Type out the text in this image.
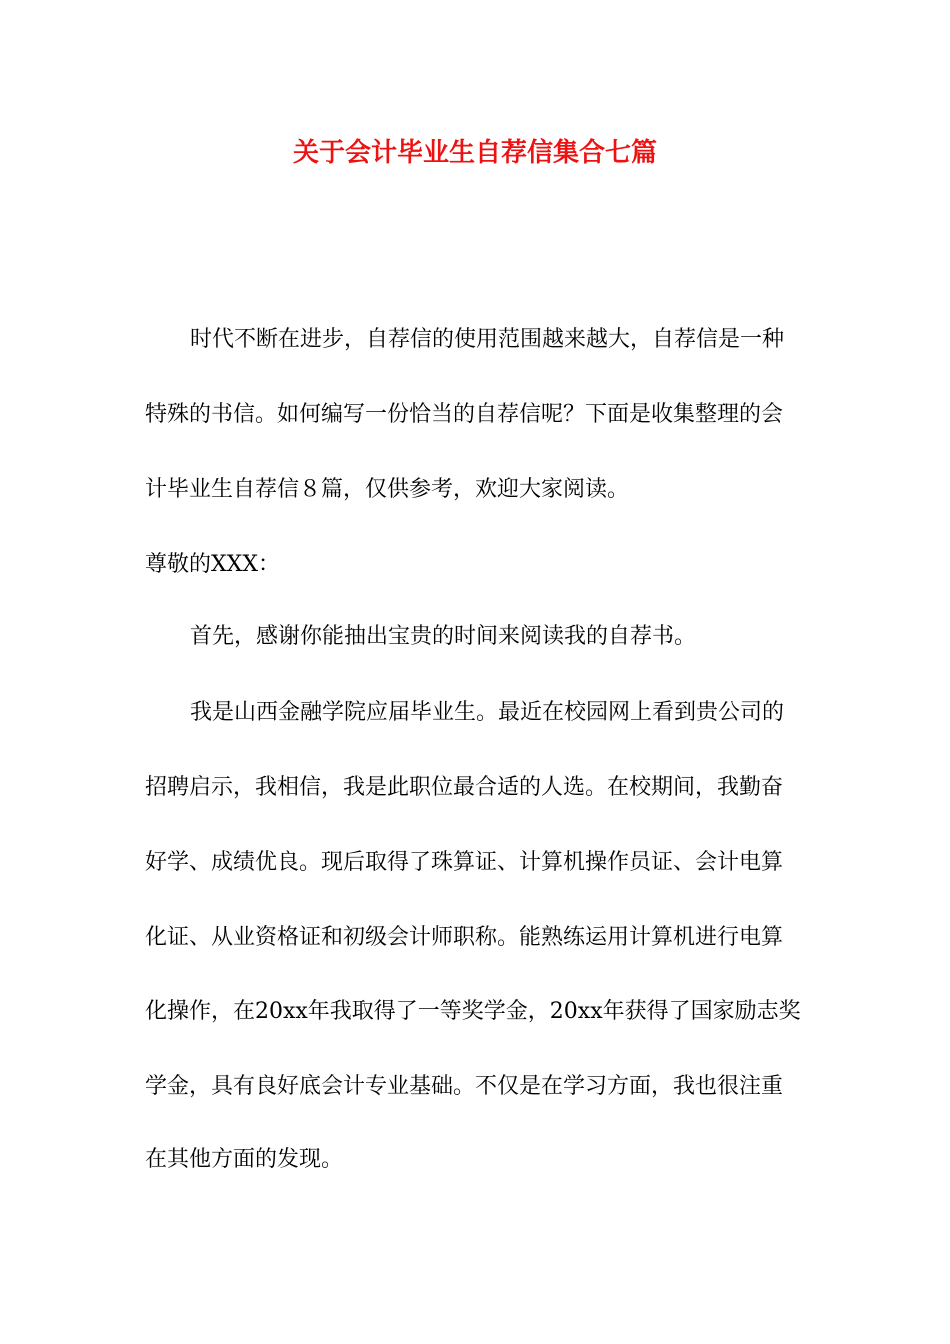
关于会计毕业生自荐信集合七篇

时代不断在进步，自荐信的使用范围越来越大，自荐信是一种

特殊的书信。如何编写一份恰当的自荐信呢？下面是收集整理的会

计毕业生自荐信８篇，仅供参考，欢迎大家阅读。

尊敬的XXX：

首先，感谢你能抽出宝贵的时间来阅读我的自荐书。

我是山西金融学院应届毕业生。最近在校园网上看到贵公司的

招聘启示，我相信，我是此职位最合适的人选。在校期间，我勤奋

好学、成绩优良。现后取得了珠算证、计算机操作员证、会计电算

化证、从业资格证和初级会计师职称。能熟练运用计算机进行电算

化操作，在20xx年我取得了一等奖学金，20xx年获得了国家励志奖

学金，具有良好底会计专业基础。不仅是在学习方面，我也很注重

在其他方面的发现。
